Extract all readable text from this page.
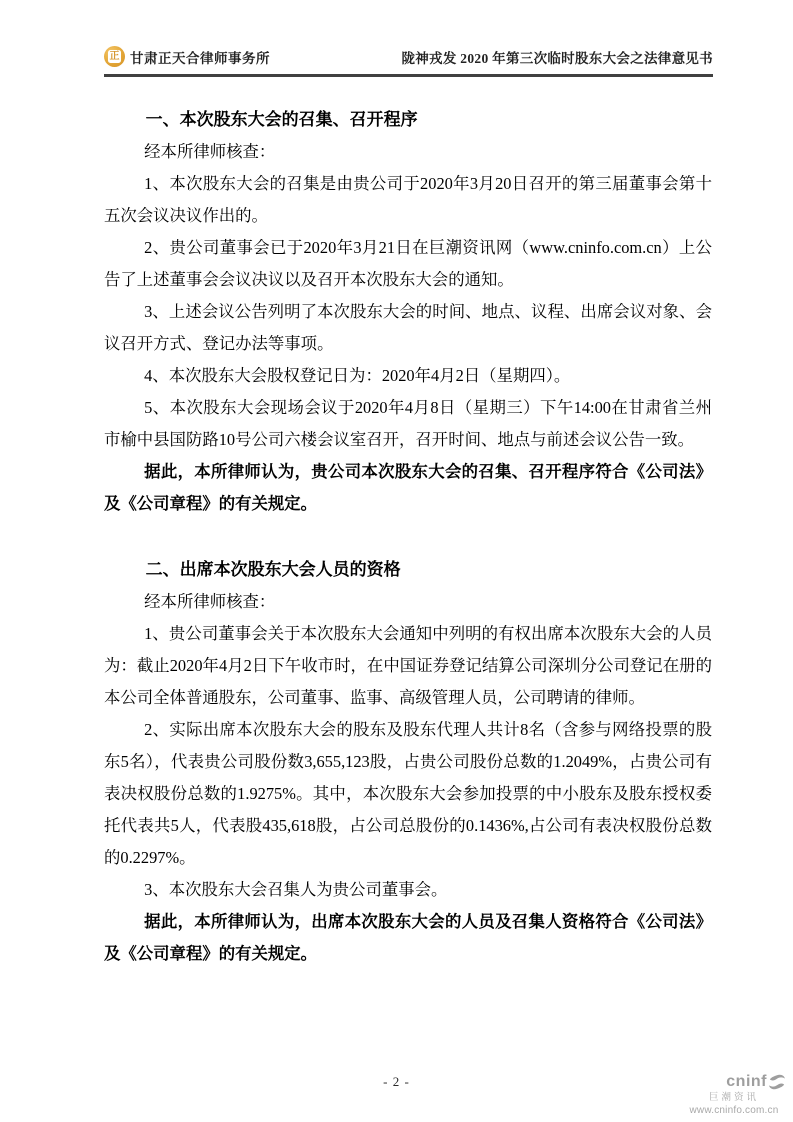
正 甘肃正天合律师事务所	陇神戎发 2020 年第三次临时股东大会之法律意见书
一、本次股东大会的召集、召开程序

经本所律师核查：

1、本次股东大会的召集是由贵公司于2020年3月20日召开的第三届董事会第十五次会议决议作出的。

2、贵公司董事会已于2020年3月21日在巨潮资讯网（www.cninfo.com.cn）上公告了上述董事会会议决议以及召开本次股东大会的通知。

3、上述会议公告列明了本次股东大会的时间、地点、议程、出席会议对象、会议召开方式、登记办法等事项。

4、本次股东大会股权登记日为：2020年4月2日（星期四）。

5、本次股东大会现场会议于2020年4月8日（星期三）下午14:00在甘肃省兰州市榆中县国防路10号公司六楼会议室召开，召开时间、地点与前述会议公告一致。

据此，本所律师认为，贵公司本次股东大会的召集、召开程序符合《公司法》及《公司章程》的有关规定。

二、出席本次股东大会人员的资格

经本所律师核查：

1、贵公司董事会关于本次股东大会通知中列明的有权出席本次股东大会的人员为：截止2020年4月2日下午收市时，在中国证券登记结算公司深圳分公司登记在册的本公司全体普通股东，公司董事、监事、高级管理人员，公司聘请的律师。

2、实际出席本次股东大会的股东及股东代理人共计8名（含参与网络投票的股东5名），代表贵公司股份数3,655,123股，占贵公司股份总数的1.2049%，占贵公司有表决权股份总数的1.9275%。其中，本次股东大会参加投票的中小股东及股东授权委托代表共5人，代表股435,618股，占公司总股份的0.1436%,占公司有表决权股份总数的0.2297%。

3、本次股东大会召集人为贵公司董事会。

据此，本所律师认为，出席本次股东大会的人员及召集人资格符合《公司法》及《公司章程》的有关规定。

- 2 -	cninf
巨潮资讯
www.cninfo.com.cn
